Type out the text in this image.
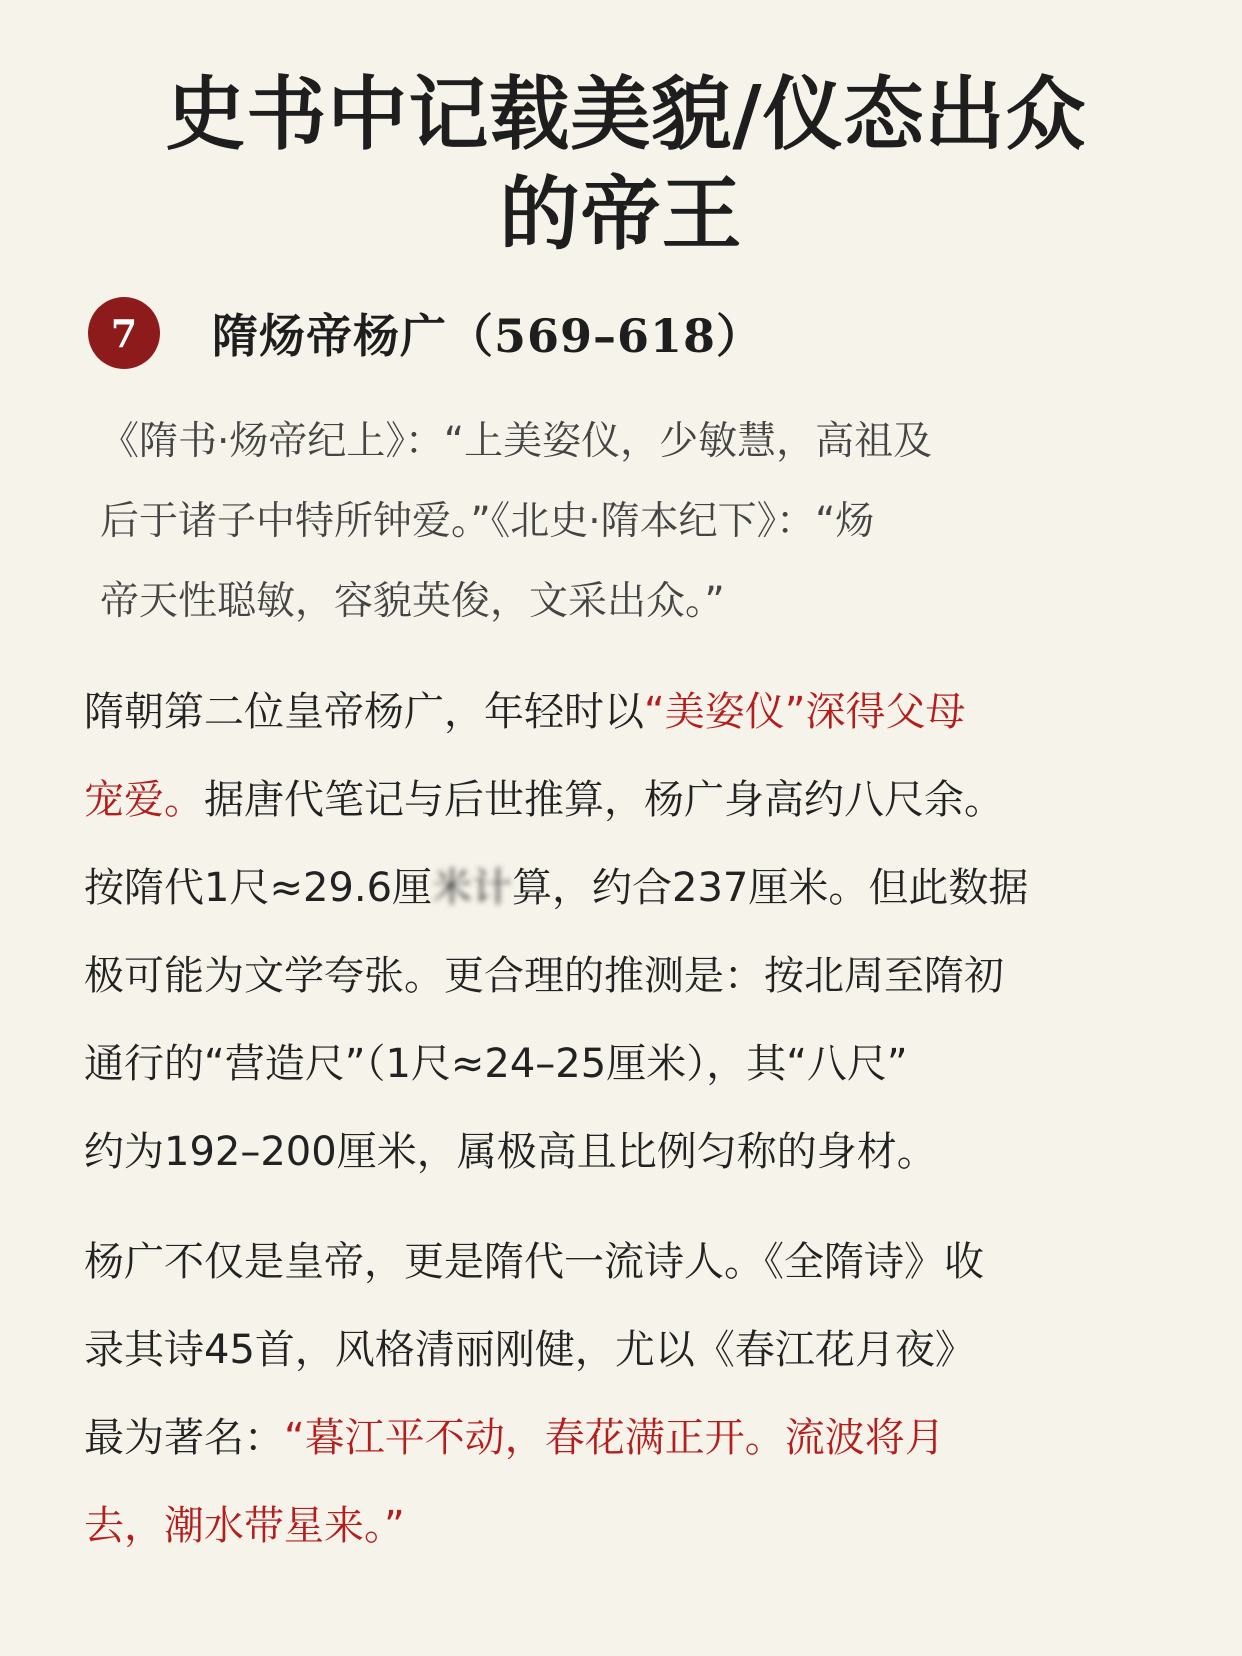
史书中记载美貌/仪态出众
的帝王
7	隋炀帝杨广（569–618）
《隋书·炀帝纪上》：“上美姿仪，少敏慧，高祖及
后于诸子中特所钟爱。”《北史·隋本纪下》：“炀
帝天性聪敏，容貌英俊，文采出众。”
隋朝第二位皇帝杨广，年轻时以“美姿仪”深得父母
宠爱。据唐代笔记与后世推算，杨广身高约八尺余。
按隋代1尺≈29.6厘米计算，约合237厘米。但此数据
极可能为文学夸张。更合理的推测是：按北周至隋初
通行的“营造尺”（1尺≈24–25厘米），其“八尺”
约为192–200厘米，属极高且比例匀称的身材。
杨广不仅是皇帝，更是隋代一流诗人。《全隋诗》收
录其诗45首，风格清丽刚健，尤以《春江花月夜》
最为著名：“暮江平不动，春花满正开。流波将月
去，潮水带星来。”
